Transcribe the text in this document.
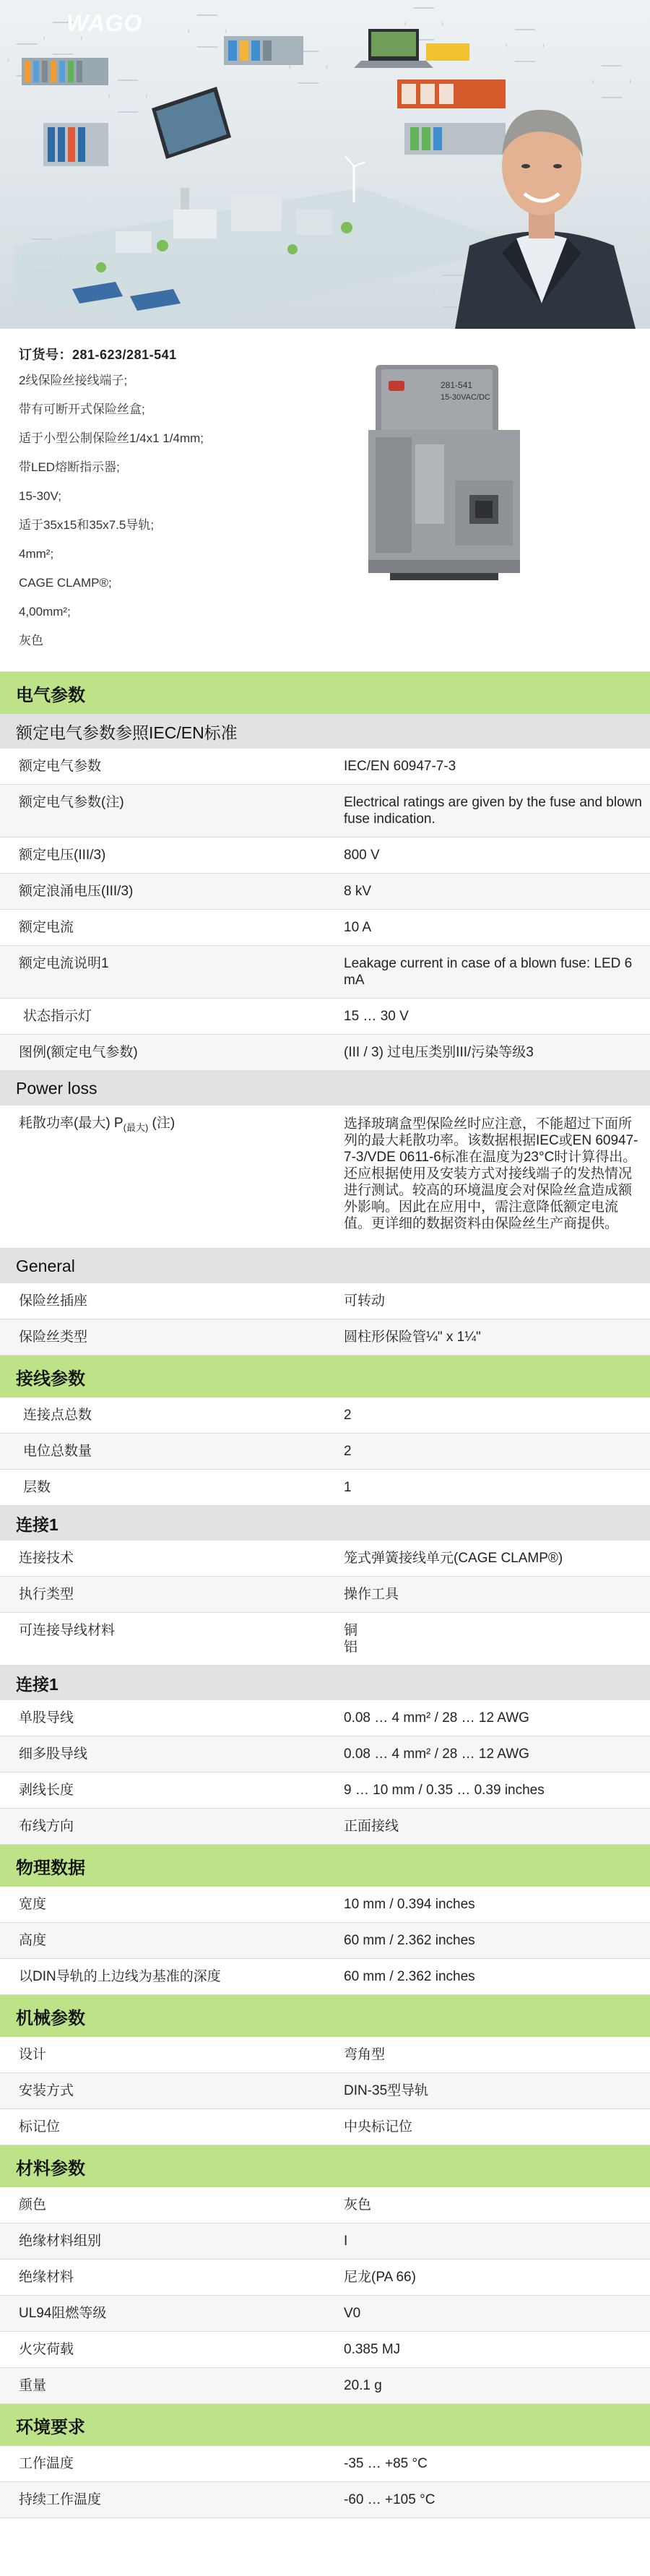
WAGO
订货号：281-623/281-541
2线保险丝接线端子;
带有可断开式保险丝盒;
适于小型公制保险丝1/4x1 1/4mm;
带LED熔断指示器;
15-30V;
适于35x15和35x7.5导轨;
4mm²;
CAGE CLAMP®;
4,00mm²;
灰色
281-541
15-30VAC/DC
电气参数
额定电气参数参照IEC/EN标准
额定电气参数	IEC/EN 60947-7-3
额定电气参数(注)	Electrical ratings are given by the fuse and blown fuse indication.
额定电压(III/3)	800 V
额定浪涌电压(III/3)	8 kV
额定电流	10 A
额定电流说明1	Leakage current in case of a blown fuse: LED 6 mA
状态指示灯	15 … 30 V
图例(额定电气参数)	(III / 3) 过电压类别III/污染等级3
Power loss
耗散功率(最大) $P_{(最大)}$ (注)	选择玻璃盒型保险丝时应注意，不能超过下面所列的最大耗散功率。该数据根据IEC或EN 60947-7-3/VDE 0611-6标准在温度为23°C时计算得出。还应根据使用及安装方式对接线端子的发热情况进行测试。较高的环境温度会对保险丝盒造成额外影响。因此在应用中，需注意降低额定电流值。更详细的数据资料由保险丝生产商提供。
General
保险丝插座	可转动
保险丝类型	圆柱形保险管¼" x 1¼"
接线参数
连接点总数	2
电位总数量	2
层数	1
连接1
连接技术	笼式弹簧接线单元(CAGE CLAMP®)
执行类型	操作工具
可连接导线材料	铜
铝
连接1
单股导线	0.08 … 4 mm² / 28 … 12 AWG
细多股导线	0.08 … 4 mm² / 28 … 12 AWG
剥线长度	9 … 10 mm / 0.35 … 0.39 inches
布线方向	正面接线
物理数据
宽度	10 mm / 0.394 inches
高度	60 mm / 2.362 inches
以DIN导轨的上边线为基准的深度	60 mm / 2.362 inches
机械参数
设计	弯角型
安装方式	DIN-35型导轨
标记位	中央标记位
材料参数
颜色	灰色
绝缘材料组别	I
绝缘材料	尼龙(PA 66)
UL94阻燃等级	V0
火灾荷载	0.385 MJ
重量	20.1 g
环境要求
工作温度	-35 … +85 °C
持续工作温度	-60 … +105 °C
